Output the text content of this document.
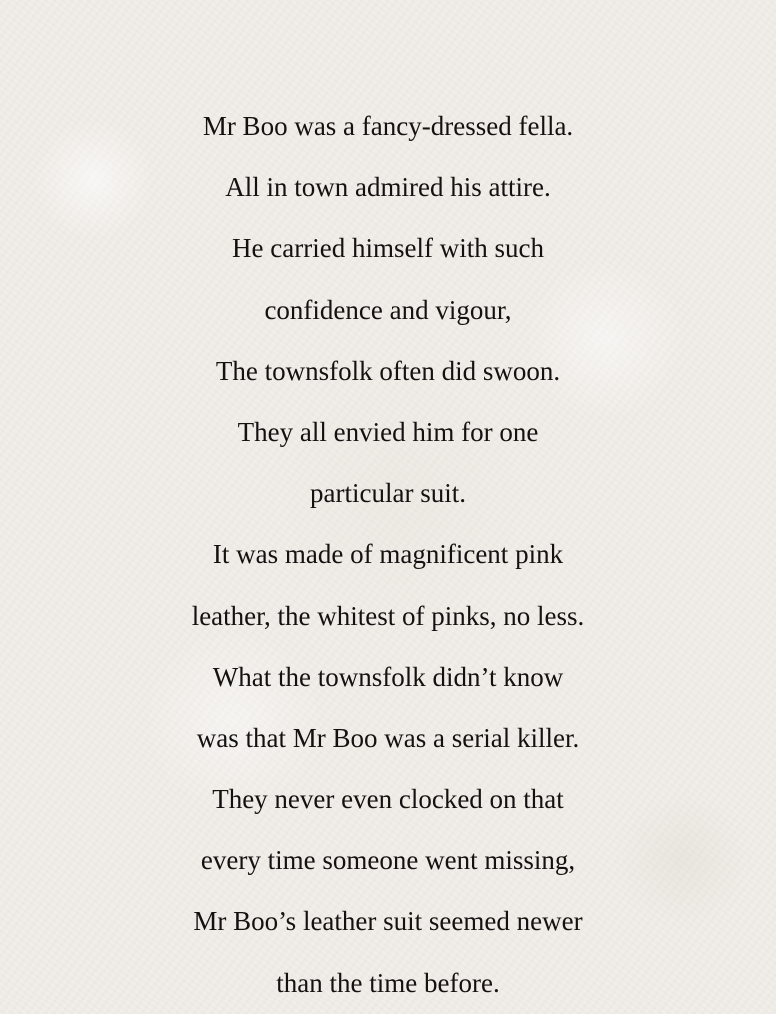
Mr Boo was a fancy-dressed fella.
All in town admired his attire.
He carried himself with such
confidence and vigour,
The townsfolk often did swoon.
They all envied him for one
particular suit.
It was made of magnificent pink
leather, the whitest of pinks, no less.
What the townsfolk didn’t know
was that Mr Boo was a serial killer.
They never even clocked on that
every time someone went missing,
Mr Boo’s leather suit seemed newer
than the time before.
